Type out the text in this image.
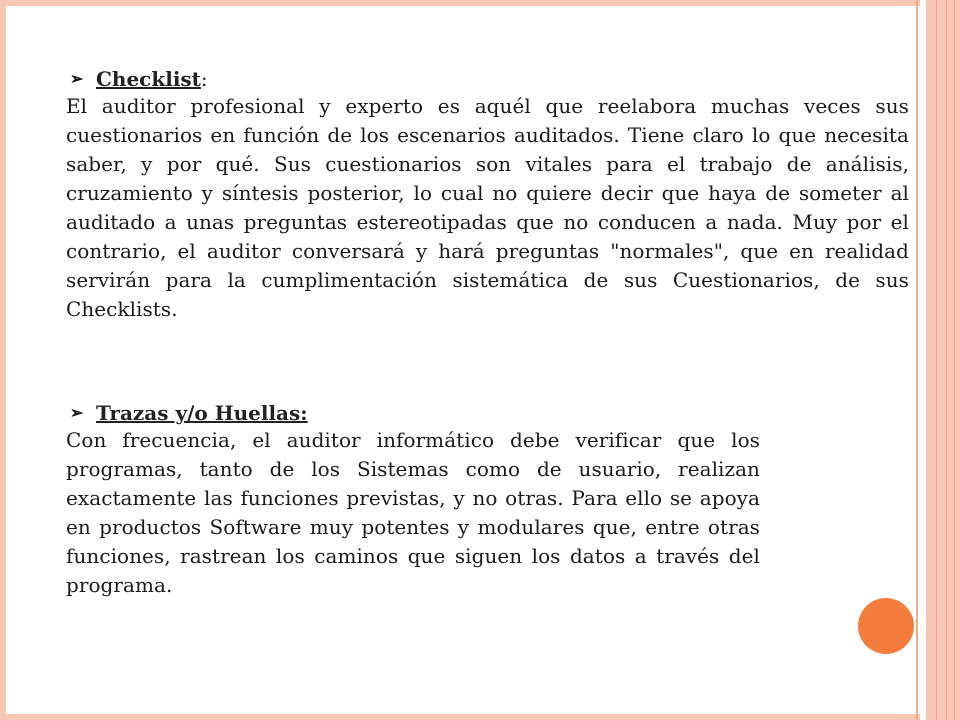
➢ Checklist :

El auditor profesional y experto es aquél que reelabora muchas veces sus cuestionarios en función de los escenarios auditados. Tiene claro lo que necesita saber, y por qué. Sus cuestionarios son vitales para el trabajo de análisis, cruzamiento y síntesis posterior, lo cual no quiere decir que haya de someter al auditado a unas preguntas estereotipadas que no conducen a nada. Muy por el contrario, el auditor conversará y hará preguntas "normales", que en realidad servirán para la cumplimentación sistemática de sus Cuestionarios, de sus Checklists.

➢ Trazas y/o Huellas:

Con frecuencia, el auditor informático debe verificar que los programas, tanto de los Sistemas como de usuario, realizan exactamente las funciones previstas, y no otras. Para ello se apoya en productos Software muy potentes y modulares que, entre otras funciones, rastrean los caminos que siguen los datos a través del programa.
